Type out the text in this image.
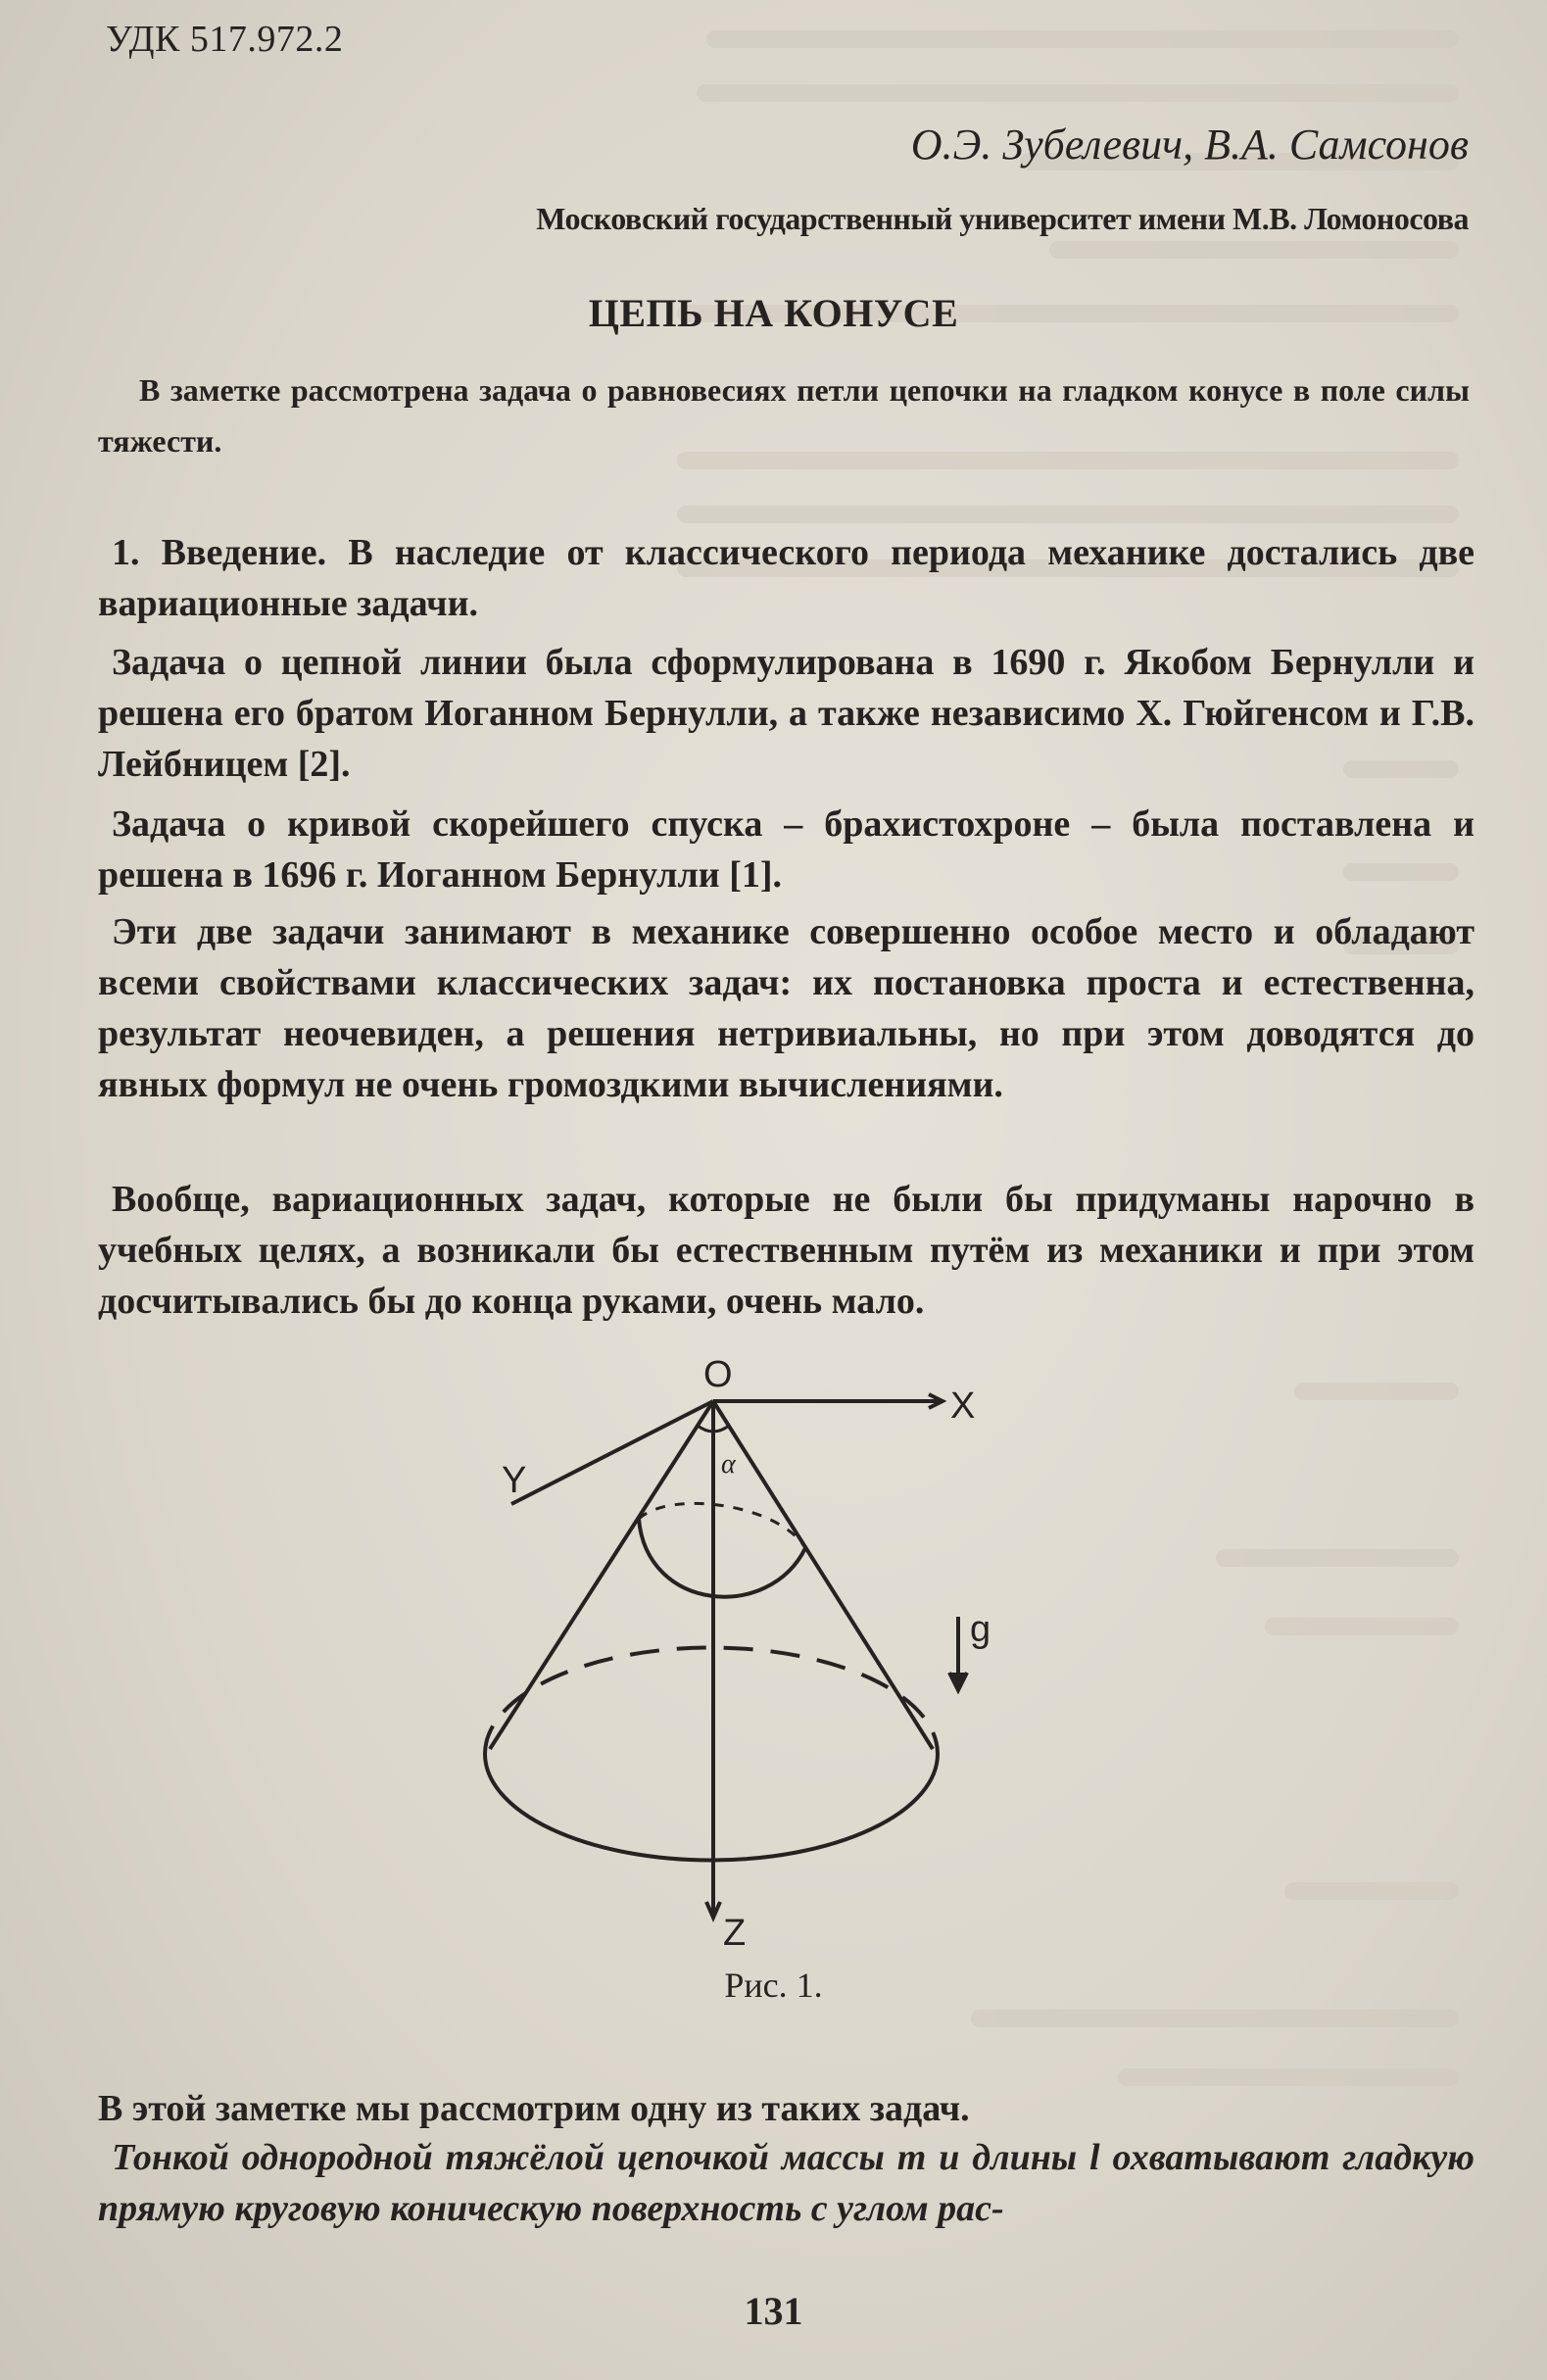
УДК 517.972.2
О.Э. Зубелевич, В.А. Самсонов
Московский государственный университет имени М.В. Ломоносова
ЦЕПЬ НА КОНУСЕ
В заметке рассмотрена задача о равновесиях петли цепочки на гладком конусе в поле силы тяжести.
1. Введение. В наследие от классического периода механике достались две вариационные задачи.
Задача о цепной линии была сформулирована в 1690 г. Якобом Бернулли и решена его братом Иоганном Бернулли, а также независимо Х. Гюйгенсом и Г.В. Лейбницем [2].
Задача о кривой скорейшего спуска – брахистохроне – была поставлена и решена в 1696 г. Иоганном Бернулли [1].
Эти две задачи занимают в механике совершенно особое место и обладают всеми свойствами классических задач: их постановка проста и естественна, результат неочевиден, а решения нетривиальны, но при этом доводятся до явных формул не очень громоздкими вычислениями.
Вообще, вариационных задач, которые не были бы придуманы нарочно в учебных целях, а возникали бы естественным путём из механики и при этом досчитывались бы до конца руками, очень мало.
O
X
Y
Z
g
α
Рис. 1.
В этой заметке мы рассмотрим одну из таких задач.
Тонкой однородной тяжёлой цепочкой массы m и длины l охватывают гладкую прямую круговую коническую поверхность с углом рас-
131
